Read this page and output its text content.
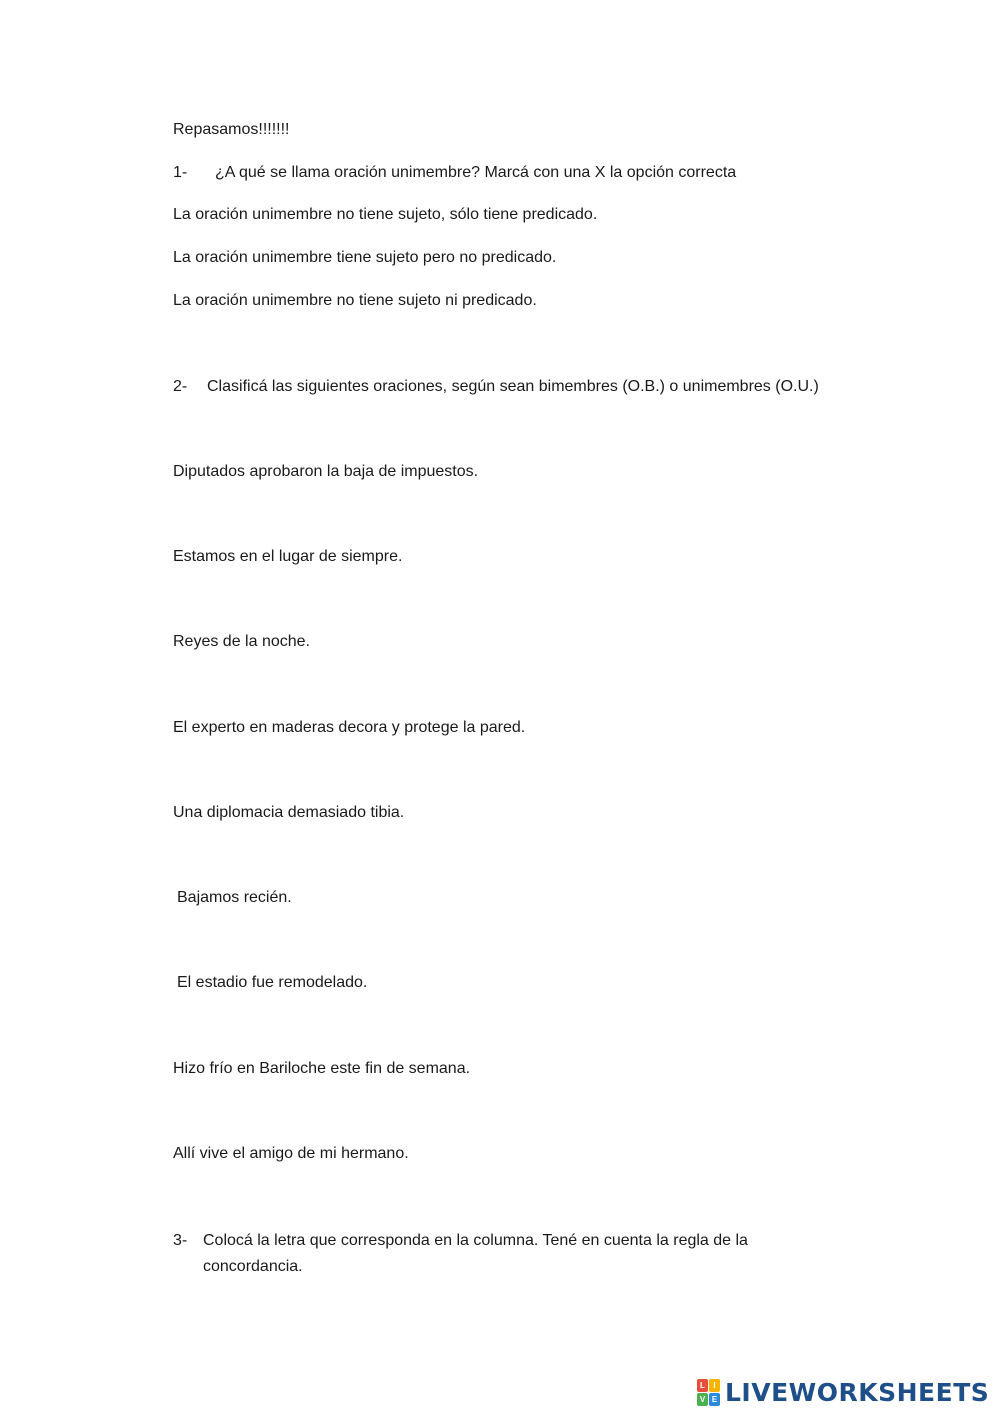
Repasamos!!!!!!!
1- ¿A qué se llama oración unimembre? Marcá con una X la opción correcta
La oración unimembre no tiene sujeto, sólo tiene predicado.
La oración unimembre tiene sujeto pero no predicado.
La oración unimembre no tiene sujeto ni predicado.
2- Clasificá las siguientes oraciones, según sean bimembres (O.B.) o unimembres (O.U.)
Diputados aprobaron la baja de impuestos.
Estamos en el lugar de siempre.
Reyes de la noche.
El experto en maderas decora y protege la pared.
Una diplomacia demasiado tibia.
Bajamos recién.
El estadio fue remodelado.
Hizo frío en Bariloche este fin de semana.
Allí vive el amigo de mi hermano.
3- Colocá la letra que corresponda en la columna. Tené en cuenta la regla de la concordancia.
L	I
V E LIVEWORKSHEETS
